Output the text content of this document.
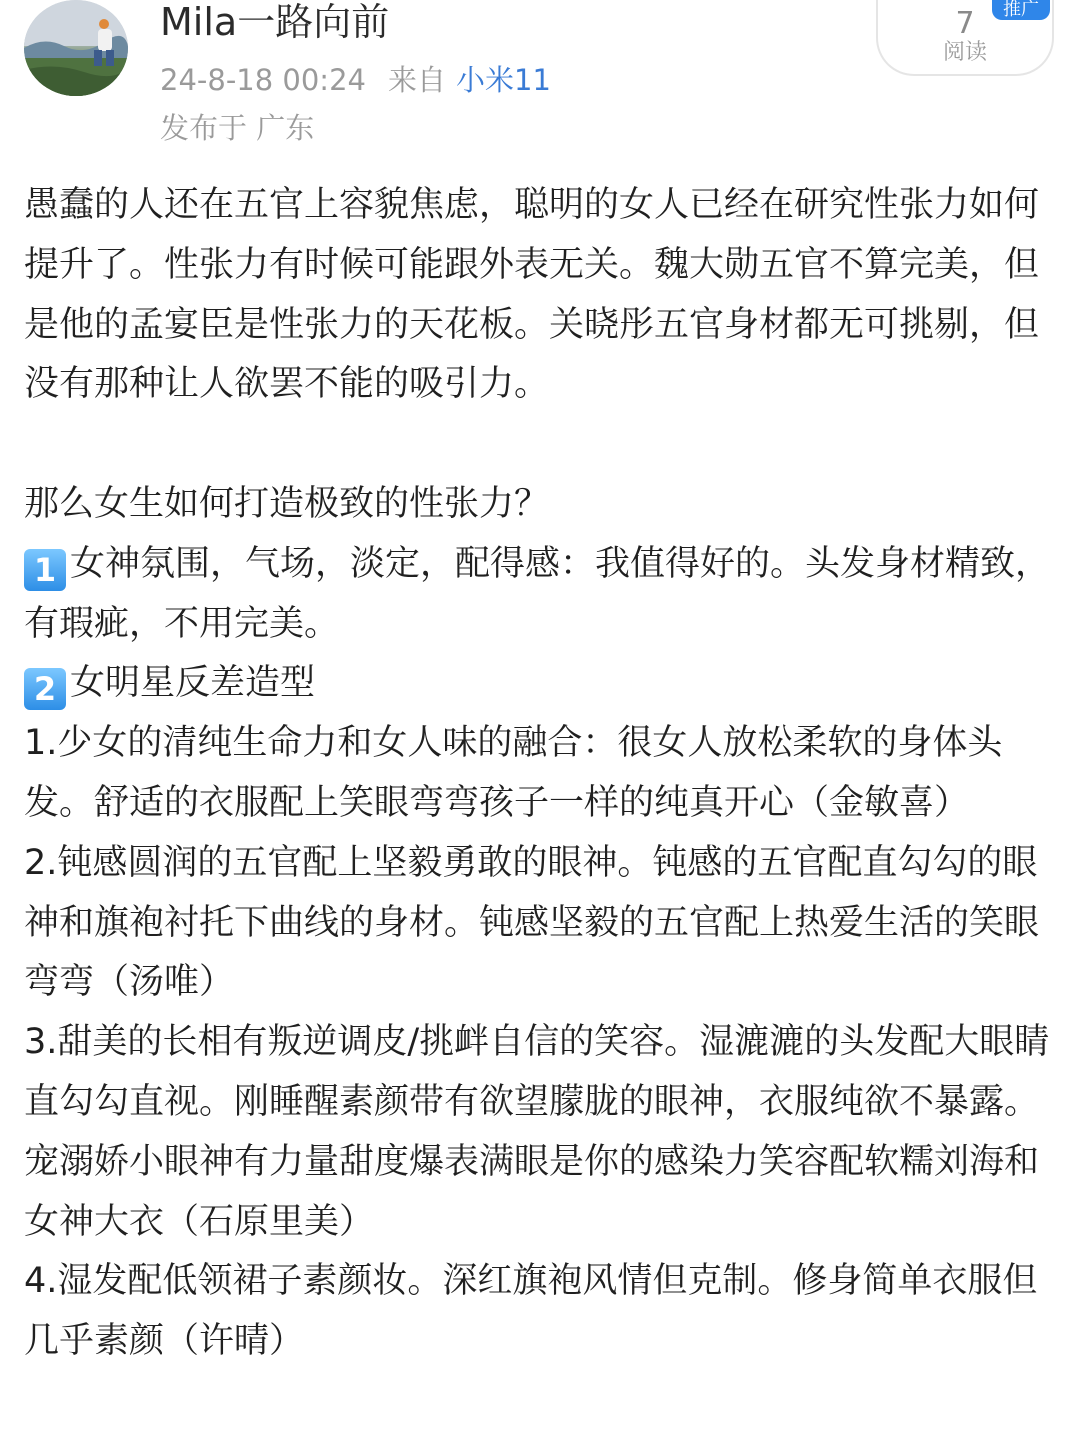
Mila一路向前
24-8-18 00:24 来自 小米11
发布于 广东
7
阅读
推广

愚蠢的人还在五官上容貌焦虑，聪明的女人已经在研究性张力如何提升了。性张力有时候可能跟外表无关。魏大勋五官不算完美，但是他的孟宴臣是性张力的天花板。关晓彤五官身材都无可挑剔，但没有那种让人欲罢不能的吸引力。

那么女生如何打造极致的性张力？

1 女神氛围，气场，淡定，配得感：我值得好的。头发身材精致，有瑕疵，不用完美。

2 女明星反差造型

1.少女的清纯生命力和女人味的融合：很女人放松柔软的身体头发。舒适的衣服配上笑眼弯弯孩子一样的纯真开心（金敏喜）

2.钝感圆润的五官配上坚毅勇敢的眼神。钝感的五官配直勾勾的眼神和旗袍衬托下曲线的身材。钝感坚毅的五官配上热爱生活的笑眼弯弯（汤唯）

3.甜美的长相有叛逆调皮/挑衅自信的笑容。湿漉漉的头发配大眼睛直勾勾直视。刚睡醒素颜带有欲望朦胧的眼神，衣服纯欲不暴露。宠溺娇小眼神有力量甜度爆表满眼是你的感染力笑容配软糯刘海和女神大衣（石原里美）

4.湿发配低领裙子素颜妆。深红旗袍风情但克制。修身简单衣服但几乎素颜（许晴）
